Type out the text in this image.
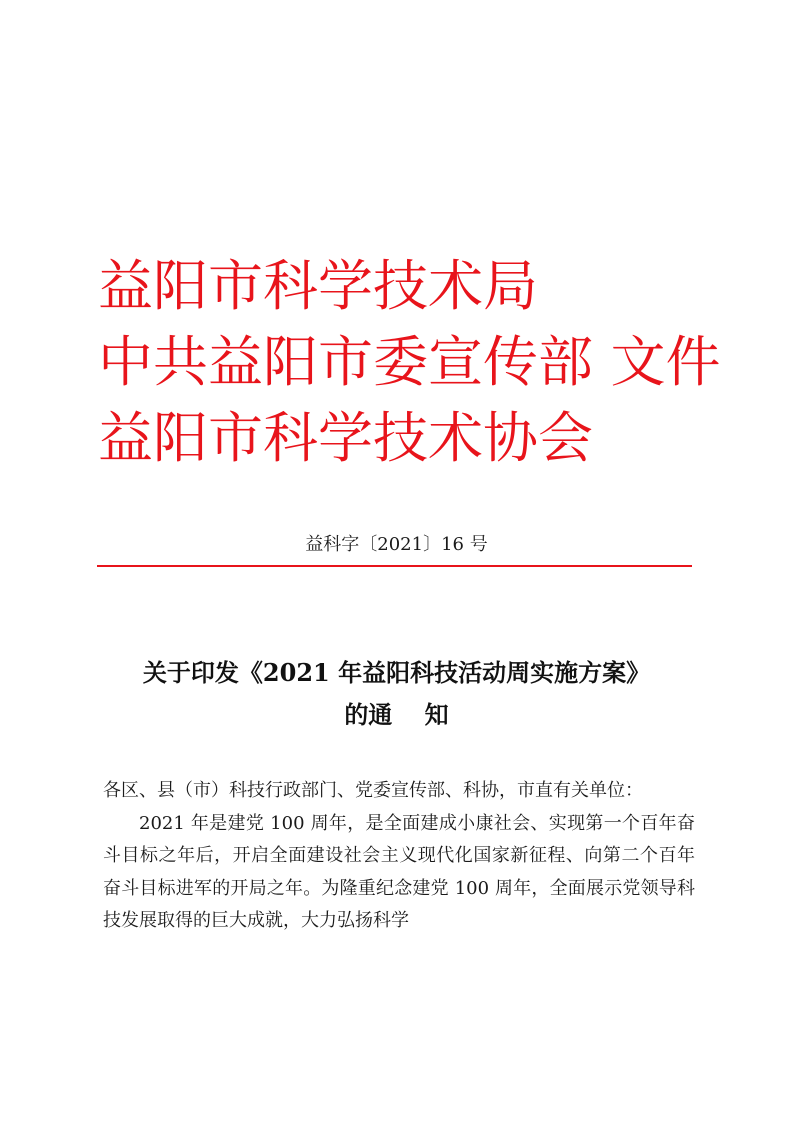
益阳市科学技术局
中共益阳市委宣传部 文件
益阳市科学技术协会
益科字〔2021〕16 号
关于印发《2021 年益阳科技活动周实施方案》
的通　 知

各区、县（市）科技行政部门、党委宣传部、科协，市直有关单位：

2021 年是建党 100 周年，是全面建成小康社会、实现第一个百年奋斗目标之年后，开启全面建设社会主义现代化国家新征程、向第二个百年奋斗目标进军的开局之年。为隆重纪念建党 100 周年，全面展示党领导科技发展取得的巨大成就，大力弘扬科学
